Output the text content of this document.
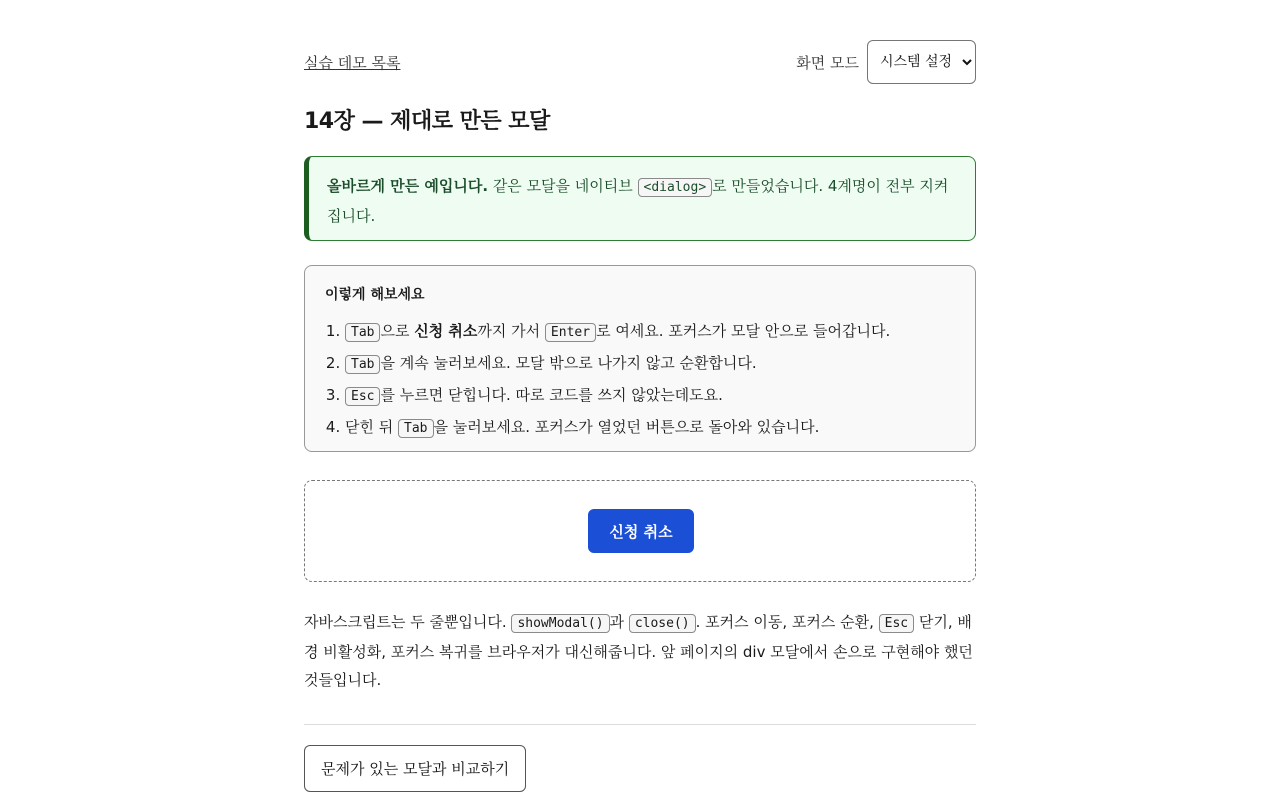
실습 데모 목록	화면 모드
시스템 설정
14장 — 제대로 만든 모달
올바르게 만든 예입니다. 같은 모달을 네이티브 <dialog> 로 만들었습니다. 4계명이 전부 지켜집니다.
이렇게 해보세요
1. Tab 으로 신청 취소까지 가서 Enter 로 여세요. 포커스가 모달 안으로 들어갑니다.
2. Tab 을 계속 눌러보세요. 모달 밖으로 나가지 않고 순환합니다.
3. Esc 를 누르면 닫힙니다. 따로 코드를 쓰지 않았는데도요.
4. 닫힌 뒤 Tab 을 눌러보세요. 포커스가 열었던 버튼으로 돌아와 있습니다.
신청 취소

자바스크립트는 두 줄뿐입니다. showModal() 과 close() . 포커스 이동, 포커스 순환, Esc 닫기, 배경 비활성화, 포커스 복귀를 브라우저가 대신해줍니다. 앞 페이지의 div 모달에서 손으로 구현해야 했던 것들입니다.

문제가 있는 모달과 비교하기
